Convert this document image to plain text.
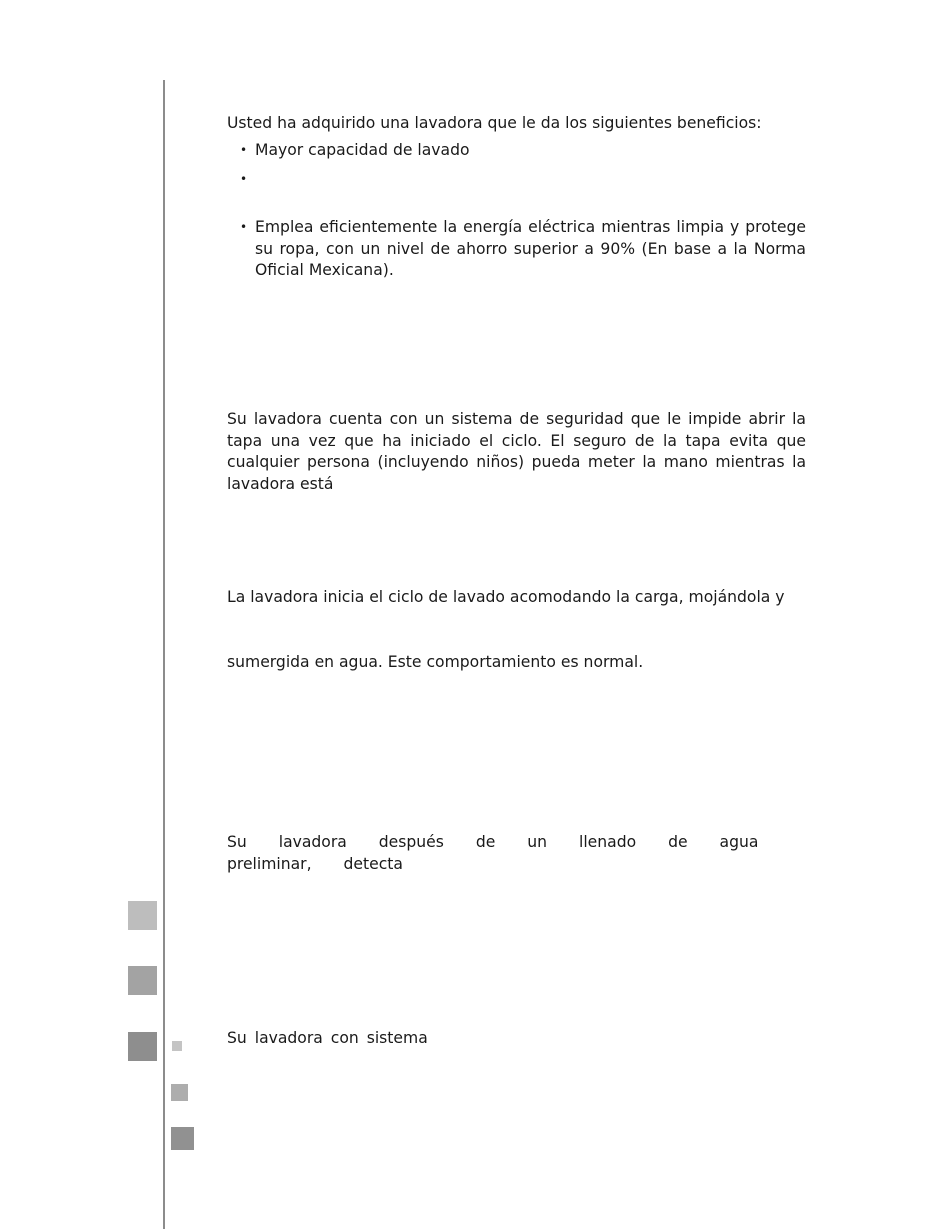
Usted ha adquirido una lavadora que le da los siguientes beneficios:

• Mayor capacidad de lavado
•
• Emplea eficientemente la energía eléctrica mientras limpia y protege su ropa, con un nivel de ahorro superior a 90% (En base a la Norma Oficial Mexicana).

Su lavadora cuenta con un sistema de seguridad que le impide abrir la tapa una vez que ha iniciado el ciclo. El seguro de la tapa evita que cualquier persona (incluyendo niños) pueda meter la mano mientras la lavadora está

La lavadora inicia el ciclo de lavado acomodando la carga, mojándola y

sumergida en agua. Este comportamiento es normal.

Su lavadora después de un llenado de agua preliminar, detecta

Su lavadora con sistema
